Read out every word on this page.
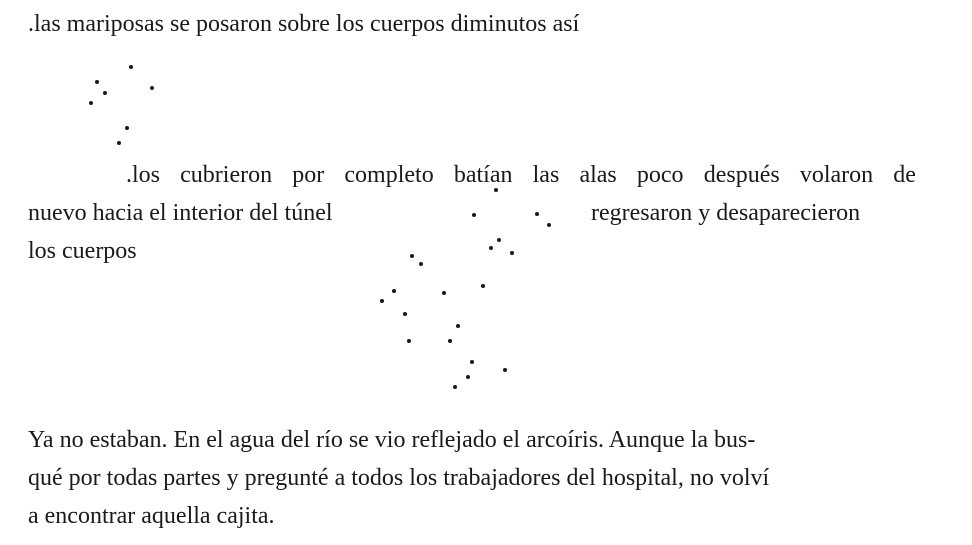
.las mariposas se posaron sobre los cuerpos diminutos así

.los cubrieron por completo batían las alas poco después volaron de

nuevo hacia el interior del túnel	regresaron y desaparecieron

los cuerpos

Ya no estaban. En el agua del río se vio reflejado el arcoíris. Aunque la bus-

qué por todas partes y pregunté a todos los trabajadores del hospital, no volví

a encontrar aquella cajita.
